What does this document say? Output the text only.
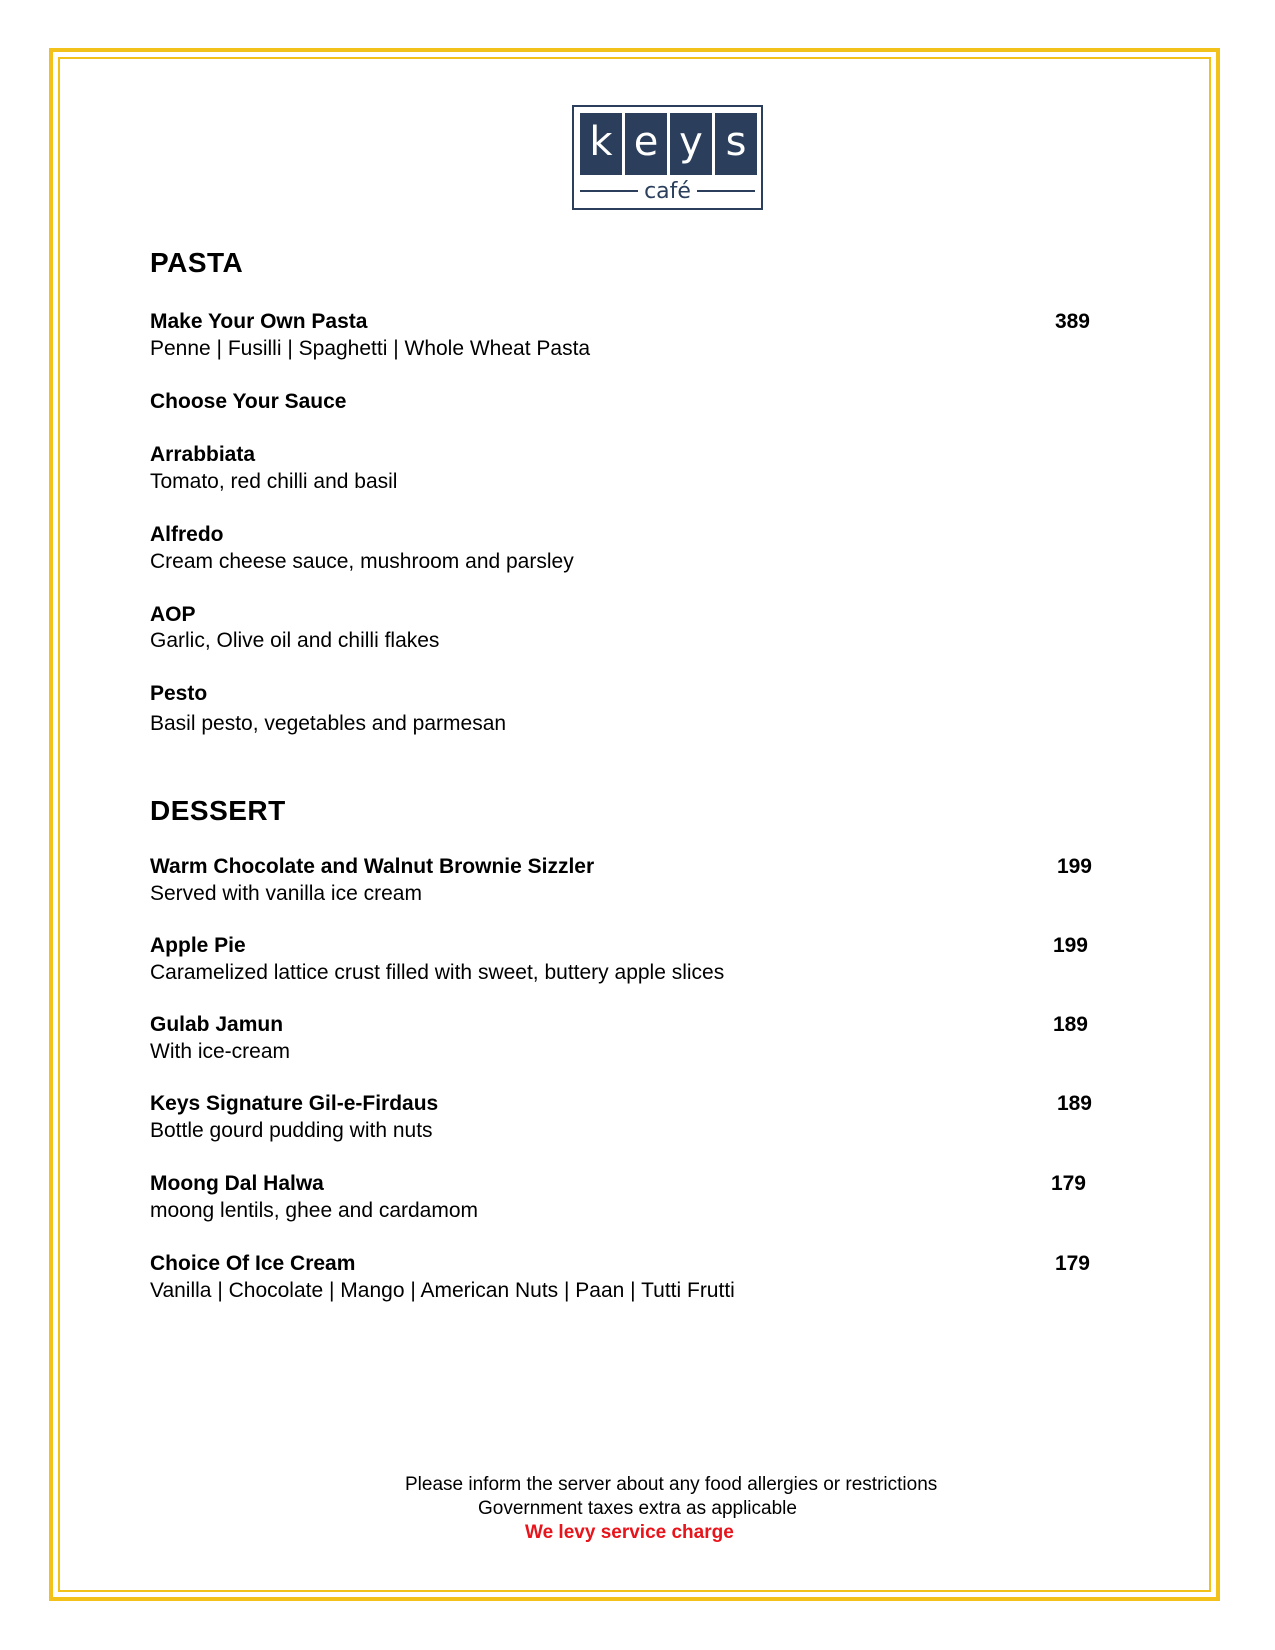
k e y s
café
PASTA
Make Your Own Pasta	389
Penne | Fusilli | Spaghetti | Whole Wheat Pasta
Choose Your Sauce
Arrabbiata
Tomato, red chilli and basil
Alfredo
Cream cheese sauce, mushroom and parsley
AOP
Garlic, Olive oil and chilli flakes
Pesto
Basil pesto, vegetables and parmesan
DESSERT
Warm Chocolate and Walnut Brownie Sizzler	199
Served with vanilla ice cream
Apple Pie	199
Caramelized lattice crust filled with sweet, buttery apple slices
Gulab Jamun	189
With ice-cream
Keys Signature Gil-e-Firdaus	189
Bottle gourd pudding with nuts
Moong Dal Halwa	179
moong lentils, ghee and cardamom
Choice Of Ice Cream	179
Vanilla | Chocolate | Mango | American Nuts | Paan | Tutti Frutti
Please inform the server about any food allergies or restrictions
Government taxes extra as applicable
We levy service charge
